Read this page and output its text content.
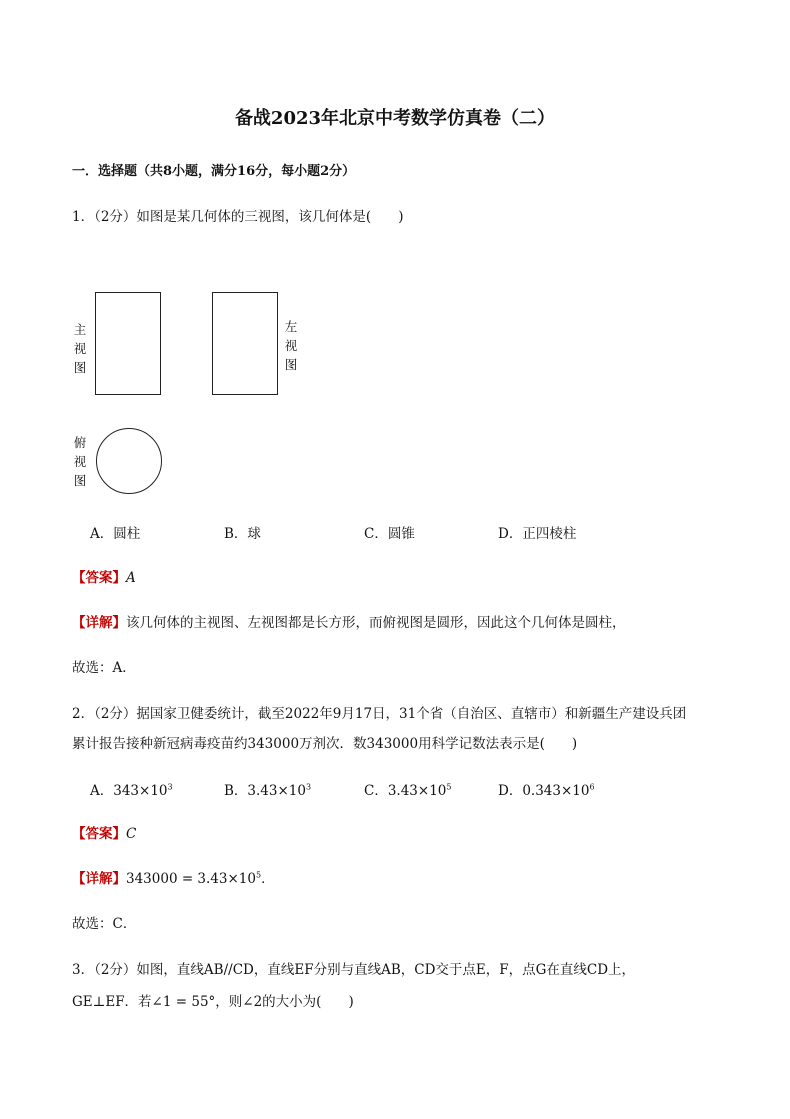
备战2023年北京中考数学仿真卷（二）
一．选择题（共8小题，满分16分，每小题2分）
1．（2分）如图是某几何体的三视图，该几何体是(　　)
主视图
左视图
俯视图
A．圆柱	B．球	C．圆锥	D．正四棱柱
【答案】A
【详解】该几何体的主视图、左视图都是长方形，而俯视图是圆形，因此这个几何体是圆柱，
故选：A．
2．（2分）据国家卫健委统计，截至2022年9月17日，31个省（自治区、直辖市）和新疆生产建设兵团
累计报告接种新冠病毒疫苗约343000万剂次．数343000用科学记数法表示是(　　)
A．$343\times 10^3$	B．$3.43\times 10^3$	C．$3.43\times 10^5$	D．$0.343\times 10^6$
【答案】C
【详解】$343000 = 3.43\times 10^5$．
故选：C．
3．（2分）如图，直线AB//CD，直线EF分别与直线AB，CD交于点E，F，点G在直线CD上，
GE⊥EF．若∠1 = 55°，则∠2的大小为(　　)
